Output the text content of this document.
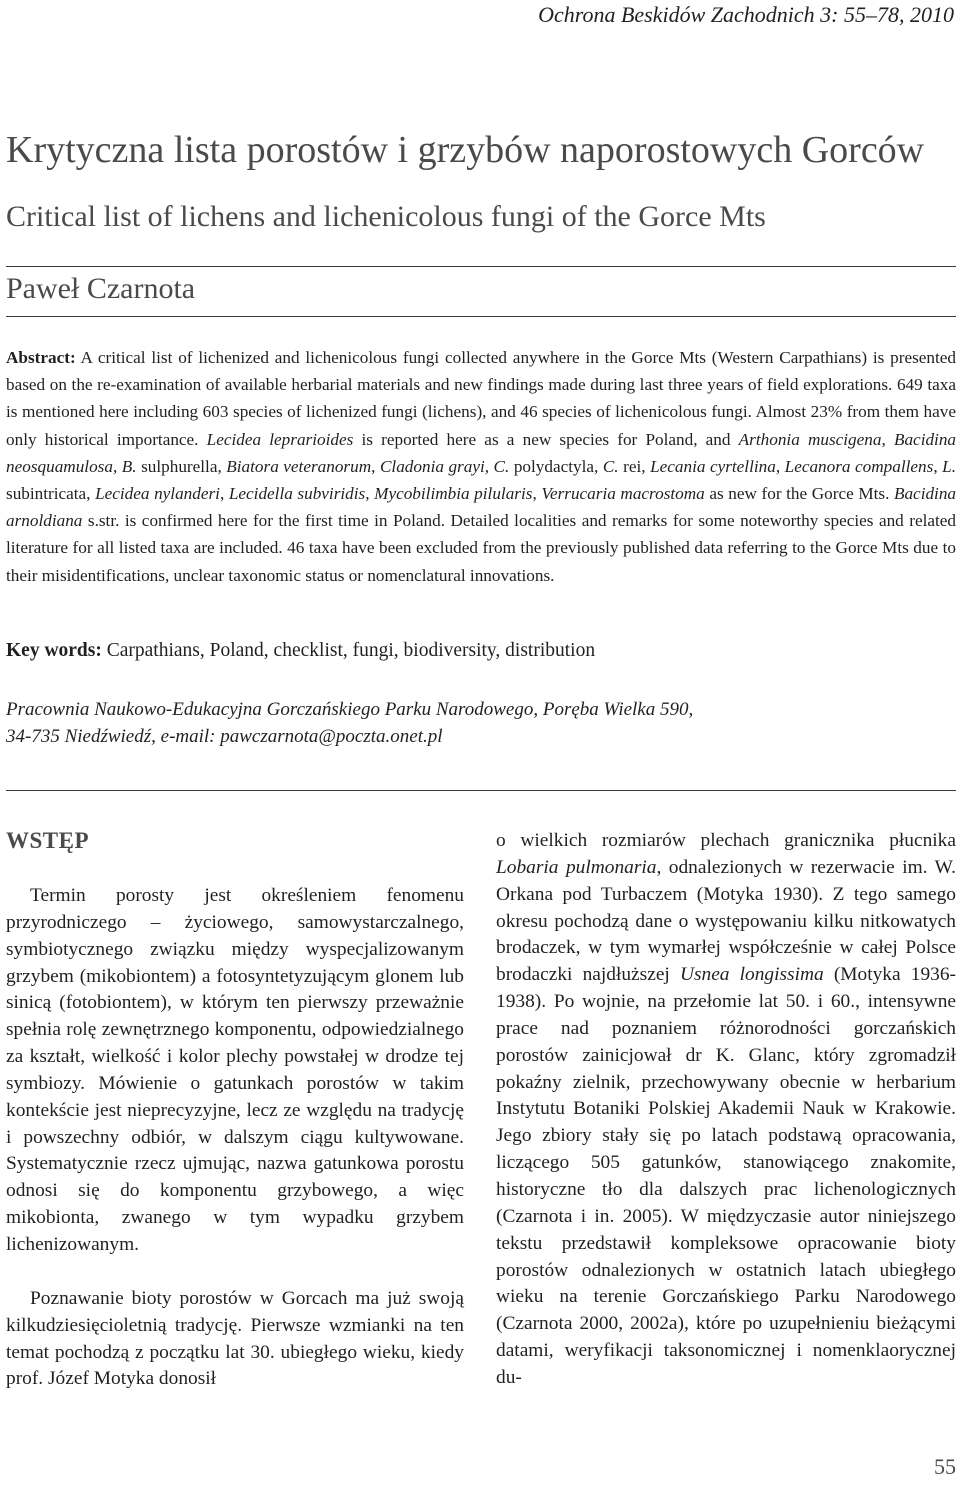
Ochrona Beskidów Zachodnich 3: 55–78, 2010
Krytyczna lista porostów i grzybów naporostowych Gorców
Critical list of lichens and lichenicolous fungi of the Gorce Mts
Paweł Czarnota
Abstract: A critical list of lichenized and lichenicolous fungi collected anywhere in the Gorce Mts (Western Carpathians) is presented based on the re-examination of available herbarial materials and new findings made during last three years of field explorations. 649 taxa is mentioned here including 603 species of lichenized fungi (lichens), and 46 species of lichenicolous fungi. Almost 23% from them have only historical importance. Lecidea leprarioides is reported here as a new species for Poland, and Arthonia muscigena, Bacidina neosquamulosa, B. sulphurella, Biatora veteranorum, Cladonia grayi, C. polydactyla, C. rei, Lecania cyrtellina, Lecanora compallens, L. subintricata, Lecidea nylanderi, Lecidella subviridis, Mycobilimbia pilularis, Verrucaria macrostoma as new for the Gorce Mts. Bacidina arnoldiana s.str. is confirmed here for the first time in Poland. Detailed localities and remarks for some noteworthy species and related literature for all listed taxa are included. 46 taxa have been excluded from the previously published data referring to the Gorce Mts due to their misidentifications, unclear taxonomic status or nomenclatural innovations.
Key words: Carpathians, Poland, checklist, fungi, biodiversity, distribution
Pracownia Naukowo-Edukacyjna Gorczańskiego Parku Narodowego, Poręba Wielka 590,
34-735 Niedźwiedź, e-mail: pawczarnota@poczta.onet.pl
WSTĘP

Termin porosty jest określeniem fenomenu przyrodniczego – życiowego, samowystarczalnego, symbiotycznego związku między wyspecjalizowanym grzybem (mikobiontem) a fotosyntetyzującym glonem lub sinicą (fotobiontem), w którym ten pierwszy przeważnie spełnia rolę zewnętrznego komponentu, odpowiedzialnego za kształt, wielkość i kolor plechy powstałej w drodze tej symbiozy. Mówienie o gatunkach porostów w takim kontekście jest nieprecyzyjne, lecz ze względu na tradycję i powszechny odbiór, w dalszym ciągu kultywowane. Systematycznie rzecz ujmując, nazwa gatunkowa porostu odnosi się do komponentu grzybowego, a więc mikobionta, zwanego w tym wypadku grzybem lichenizowanym.

Poznawanie bioty porostów w Gorcach ma już swoją kilkudziesięcioletnią tradycję. Pierwsze wzmianki na ten temat pochodzą z początku lat 30. ubiegłego wieku, kiedy prof. Józef Motyka donosił

o wielkich rozmiarów plechach granicznika płucnika Lobaria pulmonaria, odnalezionych w rezerwacie im. W. Orkana pod Turbaczem (Motyka 1930). Z tego samego okresu pochodzą dane o występowaniu kilku nitkowatych brodaczek, w tym wymarłej współcześnie w całej Polsce brodaczki najdłuższej Usnea longissima (Motyka 1936-1938). Po wojnie, na przełomie lat 50. i 60., intensywne prace nad poznaniem różnorodności gorczańskich porostów zainicjował dr K. Glanc, który zgromadził pokaźny zielnik, przechowywany obecnie w herbarium Instytutu Botaniki Polskiej Akademii Nauk w Krakowie. Jego zbiory stały się po latach podstawą opracowania, liczącego 505 gatunków, stanowiącego znakomite, historyczne tło dla dalszych prac lichenologicznych (Czarnota i in. 2005). W międzyczasie autor niniejszego tekstu przedstawił kompleksowe opracowanie bioty porostów odnalezionych w ostatnich latach ubiegłego wieku na terenie Gorczańskiego Parku Narodowego (Czarnota 2000, 2002a), które po uzupełnieniu bieżącymi datami, weryfikacji taksonomicznej i nomenklaorycznej du-

55
